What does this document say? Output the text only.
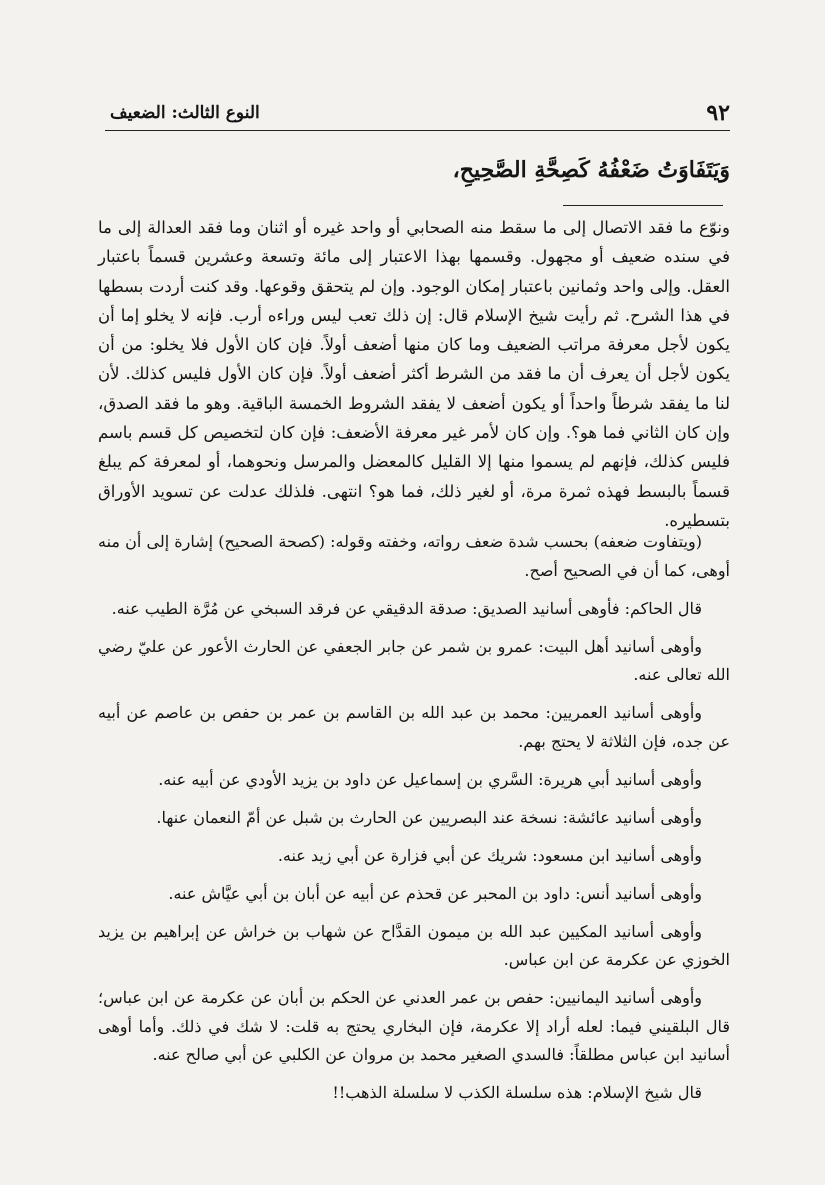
٩٢
النوع الثالث: الضعيف
وَيَتَفَاوَتُ ضَعْفُهُ كَصِحَّةِ الصَّحِيحِ،

ونوّع ما فقد الاتصال إلى ما سقط منه الصحابي أو واحد غيره أو اثنان وما فقد العدالة إلى ما في سنده ضعيف أو مجهول. وقسمها بهذا الاعتبار إلى مائة وتسعة وعشرين قسماً باعتبار العقل. وإلى واحد وثمانين باعتبار إمكان الوجود. وإن لم يتحقق وقوعها. وقد كنت أردت بسطها في هذا الشرح. ثم رأيت شيخ الإسلام قال: إن ذلك تعب ليس وراءه أرب. فإنه لا يخلو إما أن يكون لأجل معرفة مراتب الضعيف وما كان منها أضعف أولاً. فإن كان الأول فلا يخلو: من أن يكون لأجل أن يعرف أن ما فقد من الشرط أكثر أضعف أولاً. فإن كان الأول فليس كذلك. لأن لنا ما يفقد شرطاً واحداً أو يكون أضعف لا يفقد الشروط الخمسة الباقية. وهو ما فقد الصدق، وإن كان الثاني فما هو؟. وإن كان لأمر غير معرفة الأضعف: فإن كان لتخصيص كل قسم باسم فليس كذلك، فإنهم لم يسموا منها إلا القليل كالمعضل والمرسل ونحوهما، أو لمعرفة كم يبلغ قسماً بالبسط فهذه ثمرة مرة، أو لغير ذلك، فما هو؟ انتهى. فلذلك عدلت عن تسويد الأوراق بتسطيره.

(ويتفاوت ضعفه) بحسب شدة ضعف رواته، وخفته وقوله: (كصحة الصحيح) إشارة إلى أن منه أوهى، كما أن في الصحيح أصح.

قال الحاكم: فأوهى أسانيد الصديق: صدقة الدقيقي عن فرقد السبخي عن مُرَّة الطيب عنه.

وأوهى أسانيد أهل البيت: عمرو بن شمر عن جابر الجعفي عن الحارث الأعور عن عليّ رضي الله تعالى عنه.

وأوهى أسانيد العمريين: محمد بن عبد الله بن القاسم بن عمر بن حفص بن عاصم عن أبيه عن جده، فإن الثلاثة لا يحتج بهم.

وأوهى أسانيد أبي هريرة: السَّري بن إسماعيل عن داود بن يزيد الأودي عن أبيه عنه.

وأوهى أسانيد عائشة: نسخة عند البصريين عن الحارث بن شبل عن أمّ النعمان عنها.

وأوهى أسانيد ابن مسعود: شريك عن أبي فزارة عن أبي زيد عنه.

وأوهى أسانيد أنس: داود بن المحبر عن قحذم عن أبيه عن أبان بن أبي عيَّاش عنه.

وأوهى أسانيد المكيين عبد الله بن ميمون القدَّاح عن شهاب بن خراش عن إبراهيم بن يزيد الخوزي عن عكرمة عن ابن عباس.

وأوهى أسانيد اليمانيين: حفص بن عمر العدني عن الحكم بن أبان عن عكرمة عن ابن عباس؛ قال البلقيني فيما: لعله أراد إلا عكرمة، فإن البخاري يحتج به قلت: لا شك في ذلك. وأما أوهى أسانيد ابن عباس مطلقاً: فالسدي الصغير محمد بن مروان عن الكلبي عن أبي صالح عنه.

قال شيخ الإسلام: هذه سلسلة الكذب لا سلسلة الذهب!!
